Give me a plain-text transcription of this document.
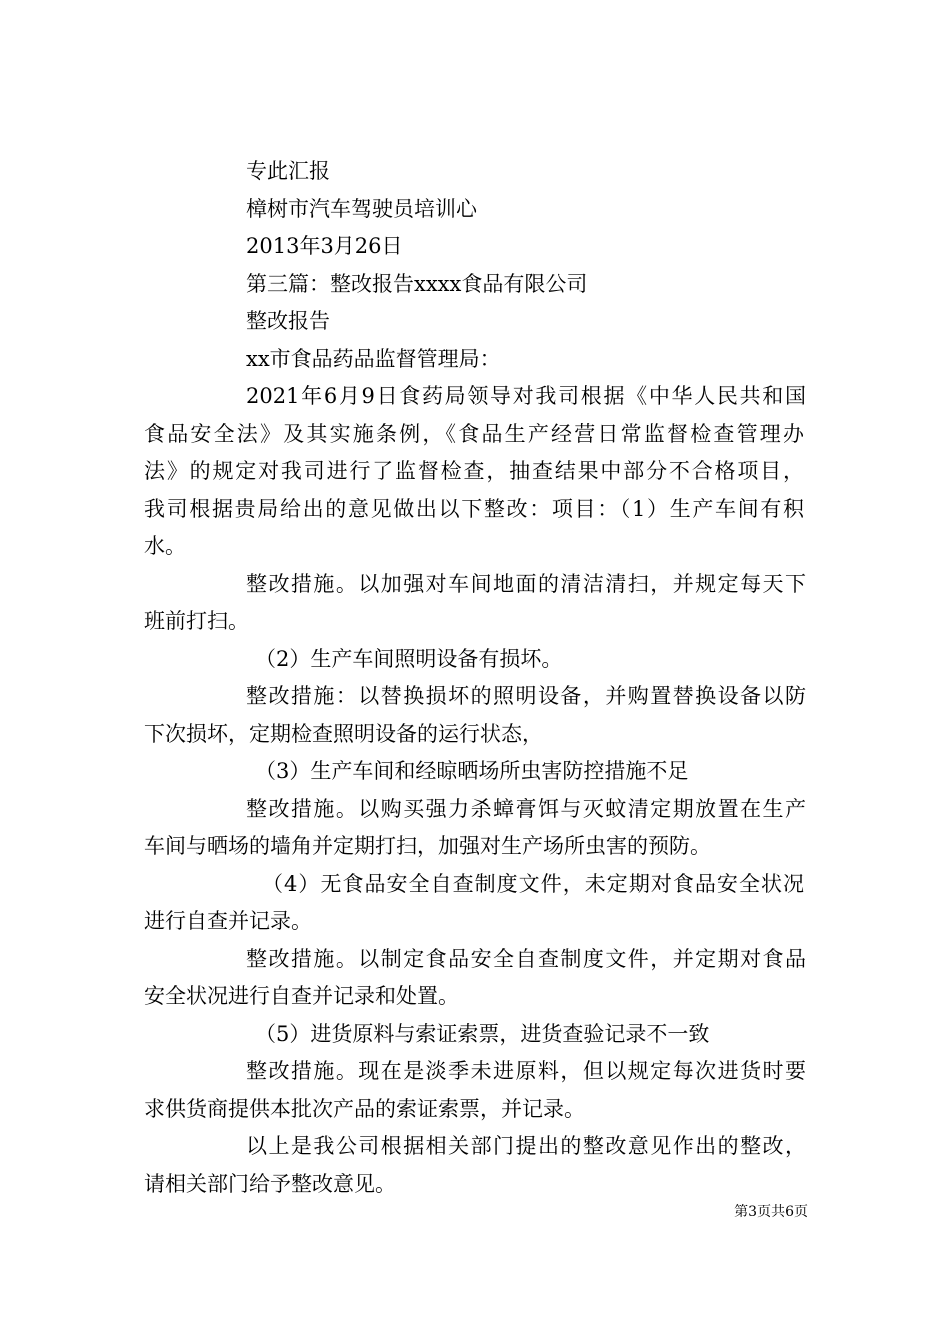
专此汇报

樟树市汽车驾驶员培训心

2013年3月26日

第三篇：整改报告xxxx食品有限公司

整改报告

xx市食品药品监督管理局：

2021年6月9日食药局领导对我司根据《中华人民共和国

食品安全法》及其实施条例，《食品生产经营日常监督检查管理办

法》的规定对我司进行了监督检查，抽查结果中部分不合格项目，

我司根据贵局给出的意见做出以下整改：项目：（1）生产车间有积

水。

整改措施。以加强对车间地面的清洁清扫，并规定每天下

班前打扫。

（2）生产车间照明设备有损坏。

整改措施：以替换损坏的照明设备，并购置替换设备以防

下次损坏，定期检查照明设备的运行状态，

（3）生产车间和经晾晒场所虫害防控措施不足

整改措施。以购买强力杀蟑膏饵与灭蚊清定期放置在生产

车间与晒场的墙角并定期打扫，加强对生产场所虫害的预防。

（4）无食品安全自查制度文件，未定期对食品安全状况

进行自查并记录。

整改措施。以制定食品安全自查制度文件，并定期对食品

安全状况进行自查并记录和处置。

（5）进货原料与索证索票，进货查验记录不一致

整改措施。现在是淡季未进原料，但以规定每次进货时要

求供货商提供本批次产品的索证索票，并记录。

以上是我公司根据相关部门提出的整改意见作出的整改，

请相关部门给予整改意见。

第3页共6页
